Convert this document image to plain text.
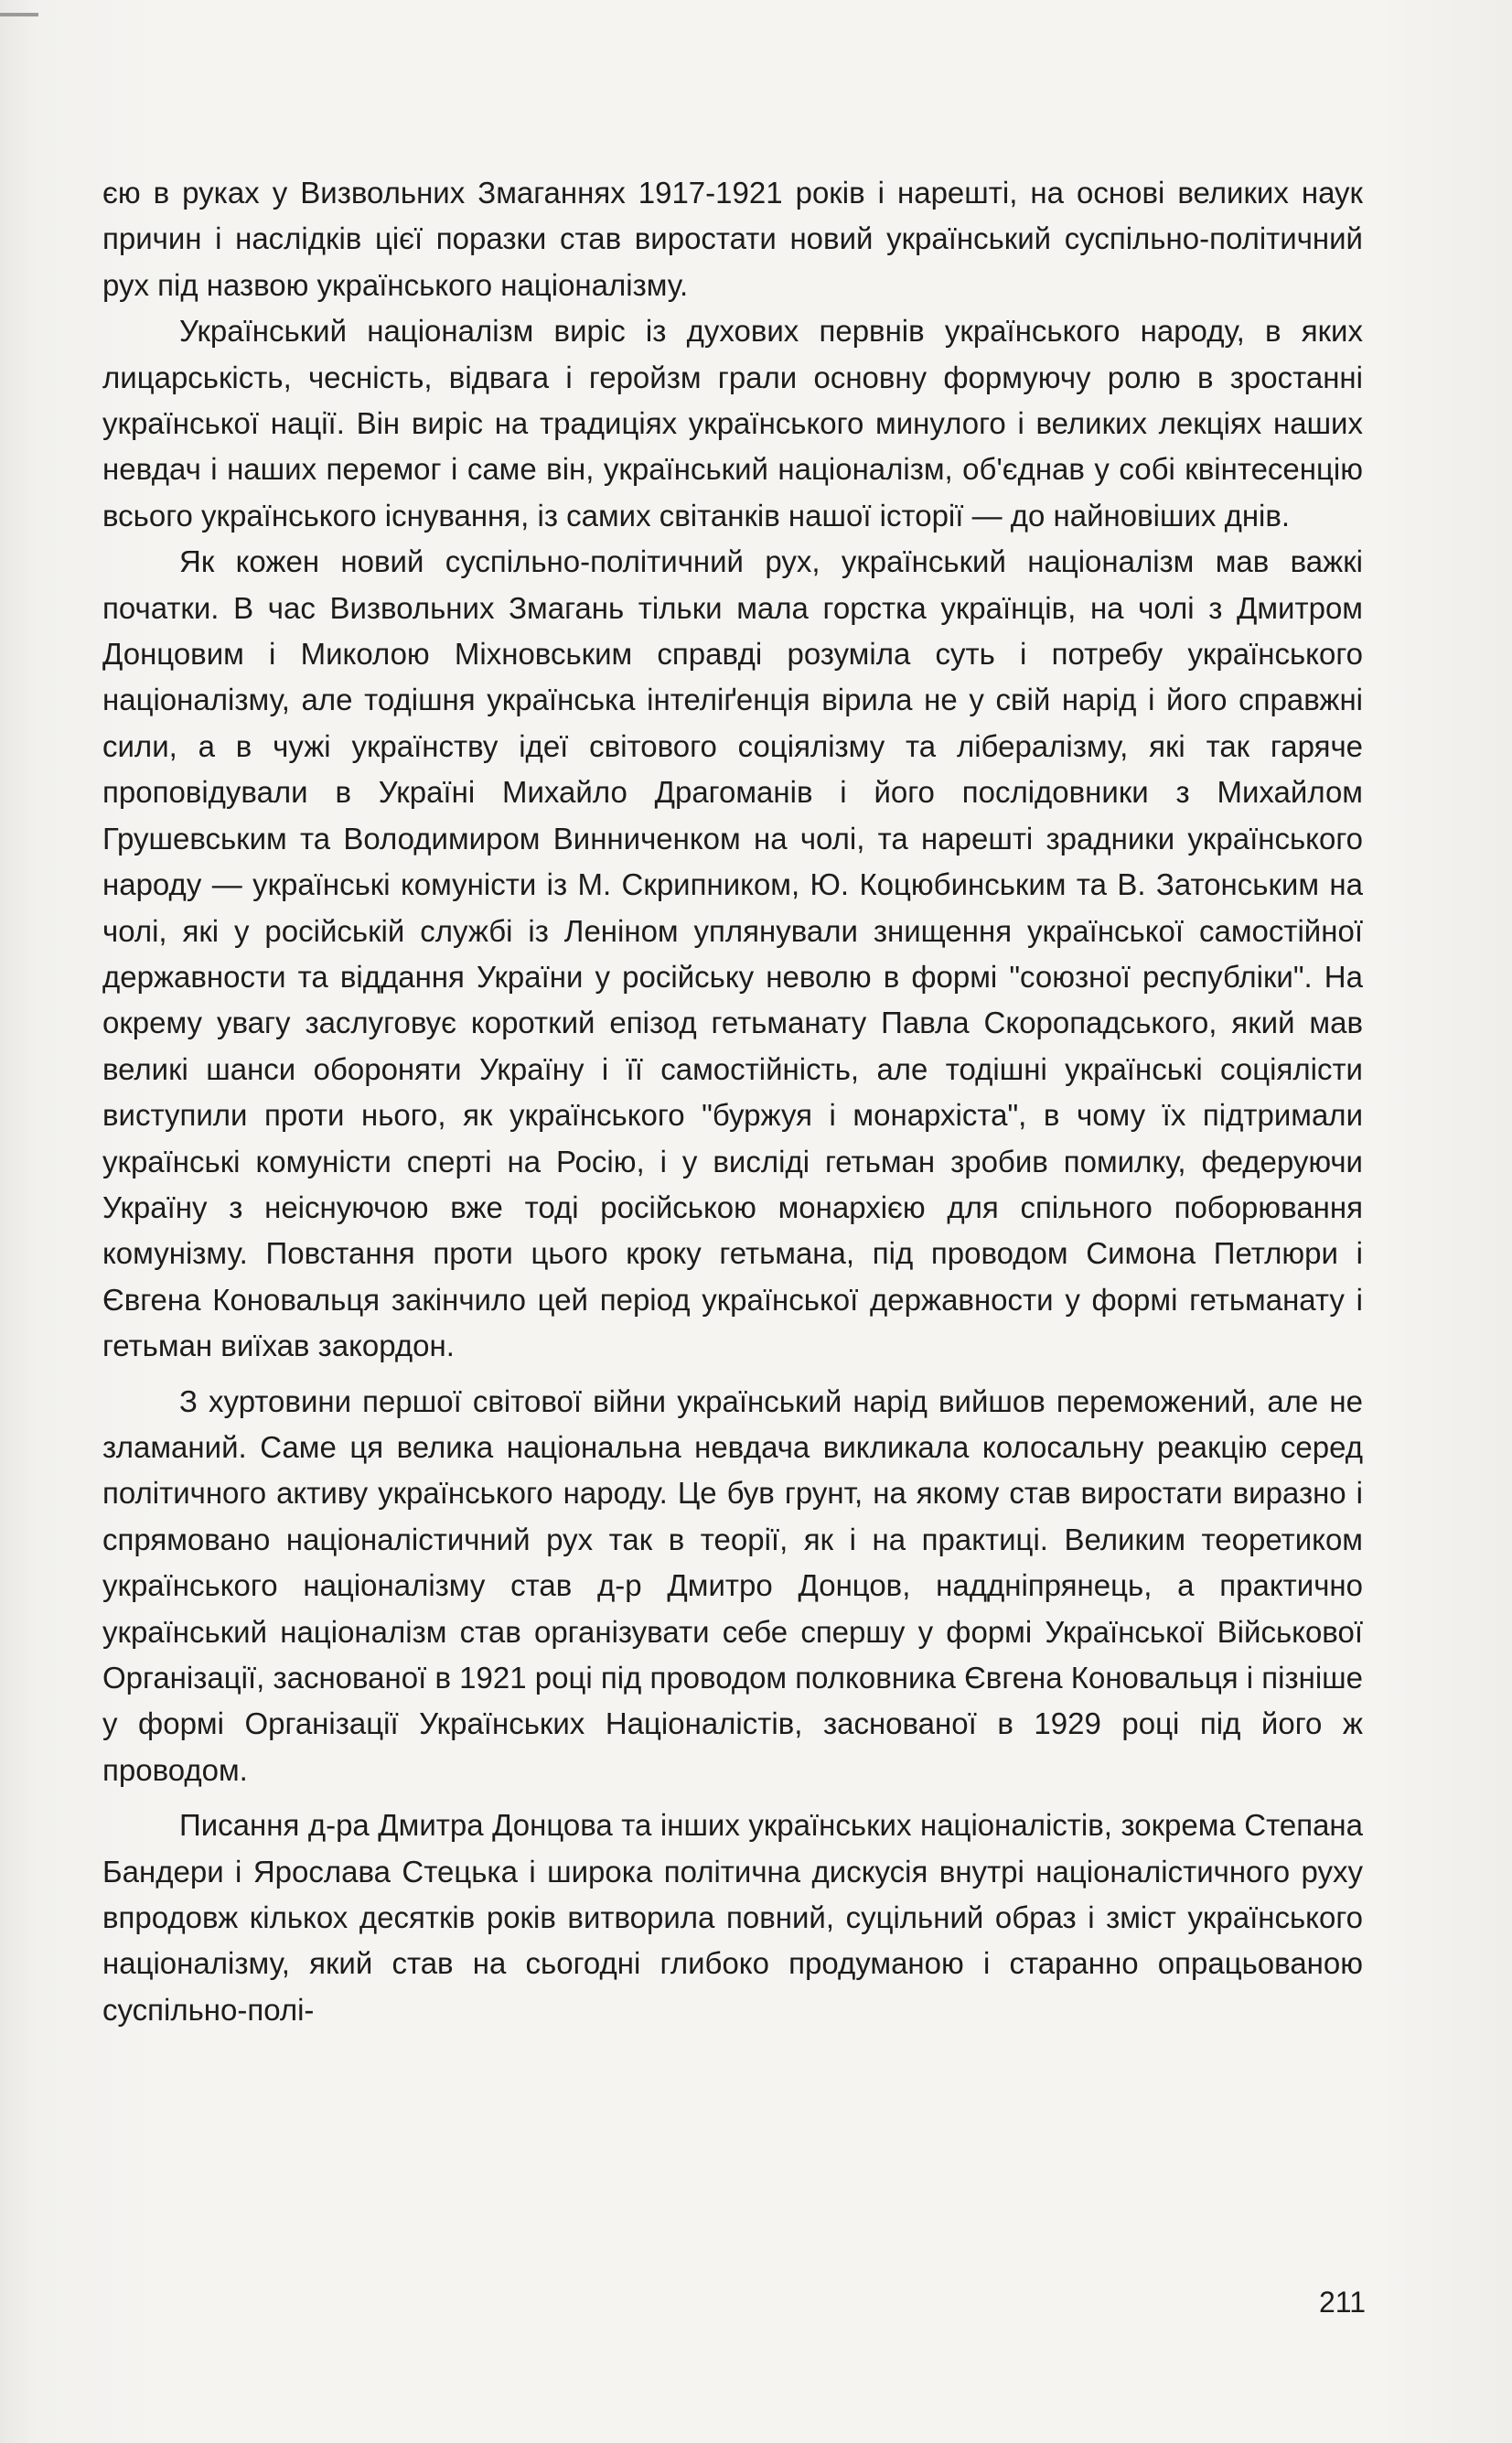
єю в руках у Визвольних Змаганнях 1917-1921 років і нарешті, на основі великих наук причин і наслідків цієї поразки став виростати новий український суспільно-політичний рух під назвою українського націоналізму.

Український націоналізм виріс із духових первнів українського народу, в яких лицарськість, чесність, відвага і геройзм грали основну формуючу ролю в зростанні української нації. Він виріс на традиціях українського минулого і великих лекціях наших невдач і наших перемог і саме він, український націоналізм, об'єднав у собі квінтесенцію всього українського існування, із самих світанків нашої історії — до найновіших днів.

Як кожен новий суспільно-політичний рух, український націоналізм мав важкі початки. В час Визвольних Змагань тільки мала горстка українців, на чолі з Дмитром Донцовим і Миколою Міхновським справді розуміла суть і потребу українського націоналізму, але тодішня українська інтеліґенція вірила не у свій нарід і його справжні сили, а в чужі українству ідеї світового соціялізму та лібералізму, які так гаряче проповідували в Україні Михайло Драгоманів і його послідовники з Михайлом Грушевським та Володимиром Винниченком на чолі, та нарешті зрадники українського народу — українські комуністи із М. Скрипником, Ю. Коцюбинським та В. Затонським на чолі, які у російській службі із Леніном уплянували знищення української самостійної державности та віддання України у російську неволю в формі "союзної республіки". На окрему увагу заслуговує короткий епізод гетьманату Павла Скоропадського, який мав великі шанси обороняти Україну і її самостійність, але тодішні українські соціялісти виступили проти нього, як українського "буржуя і монархіста", в чому їх підтримали українські комуністи сперті на Росію, і у висліді гетьман зробив помилку, федеруючи Україну з неіснуючою вже тоді російською монархією для спільного поборювання комунізму. Повстання проти цього кроку гетьмана, під проводом Симона Петлюри і Євгена Коновальця закінчило цей період української державности у формі гетьманату і гетьман виїхав закордон.

З хуртовини першої світової війни український нарід вийшов переможений, але не зламаний. Саме ця велика національна невдача викликала колосальну реакцію серед політичного активу українського народу. Це був грунт, на якому став виростати виразно і спрямовано націоналістичний рух так в теорії, як і на практиці. Великим теоретиком українського націоналізму став д-р Дмитро Донцов, наддніпрянець, а практично український націоналізм став організувати себе спершу у формі Української Військової Організації, заснованої в 1921 році під проводом полковника Євгена Коновальця і пізніше у формі Організації Українських Націоналістів, заснованої в 1929 році під його ж проводом.

Писання д-ра Дмитра Донцова та інших українських націоналістів, зокрема Степана Бандери і Ярослава Стецька і широка політична дискусія внутрі націоналістичного руху впродовж кількох десятків років витворила повний, суцільний образ і зміст українського націоналізму, який став на сьогодні глибоко продуманою і старанно опрацьованою суспільно-полі-

211
